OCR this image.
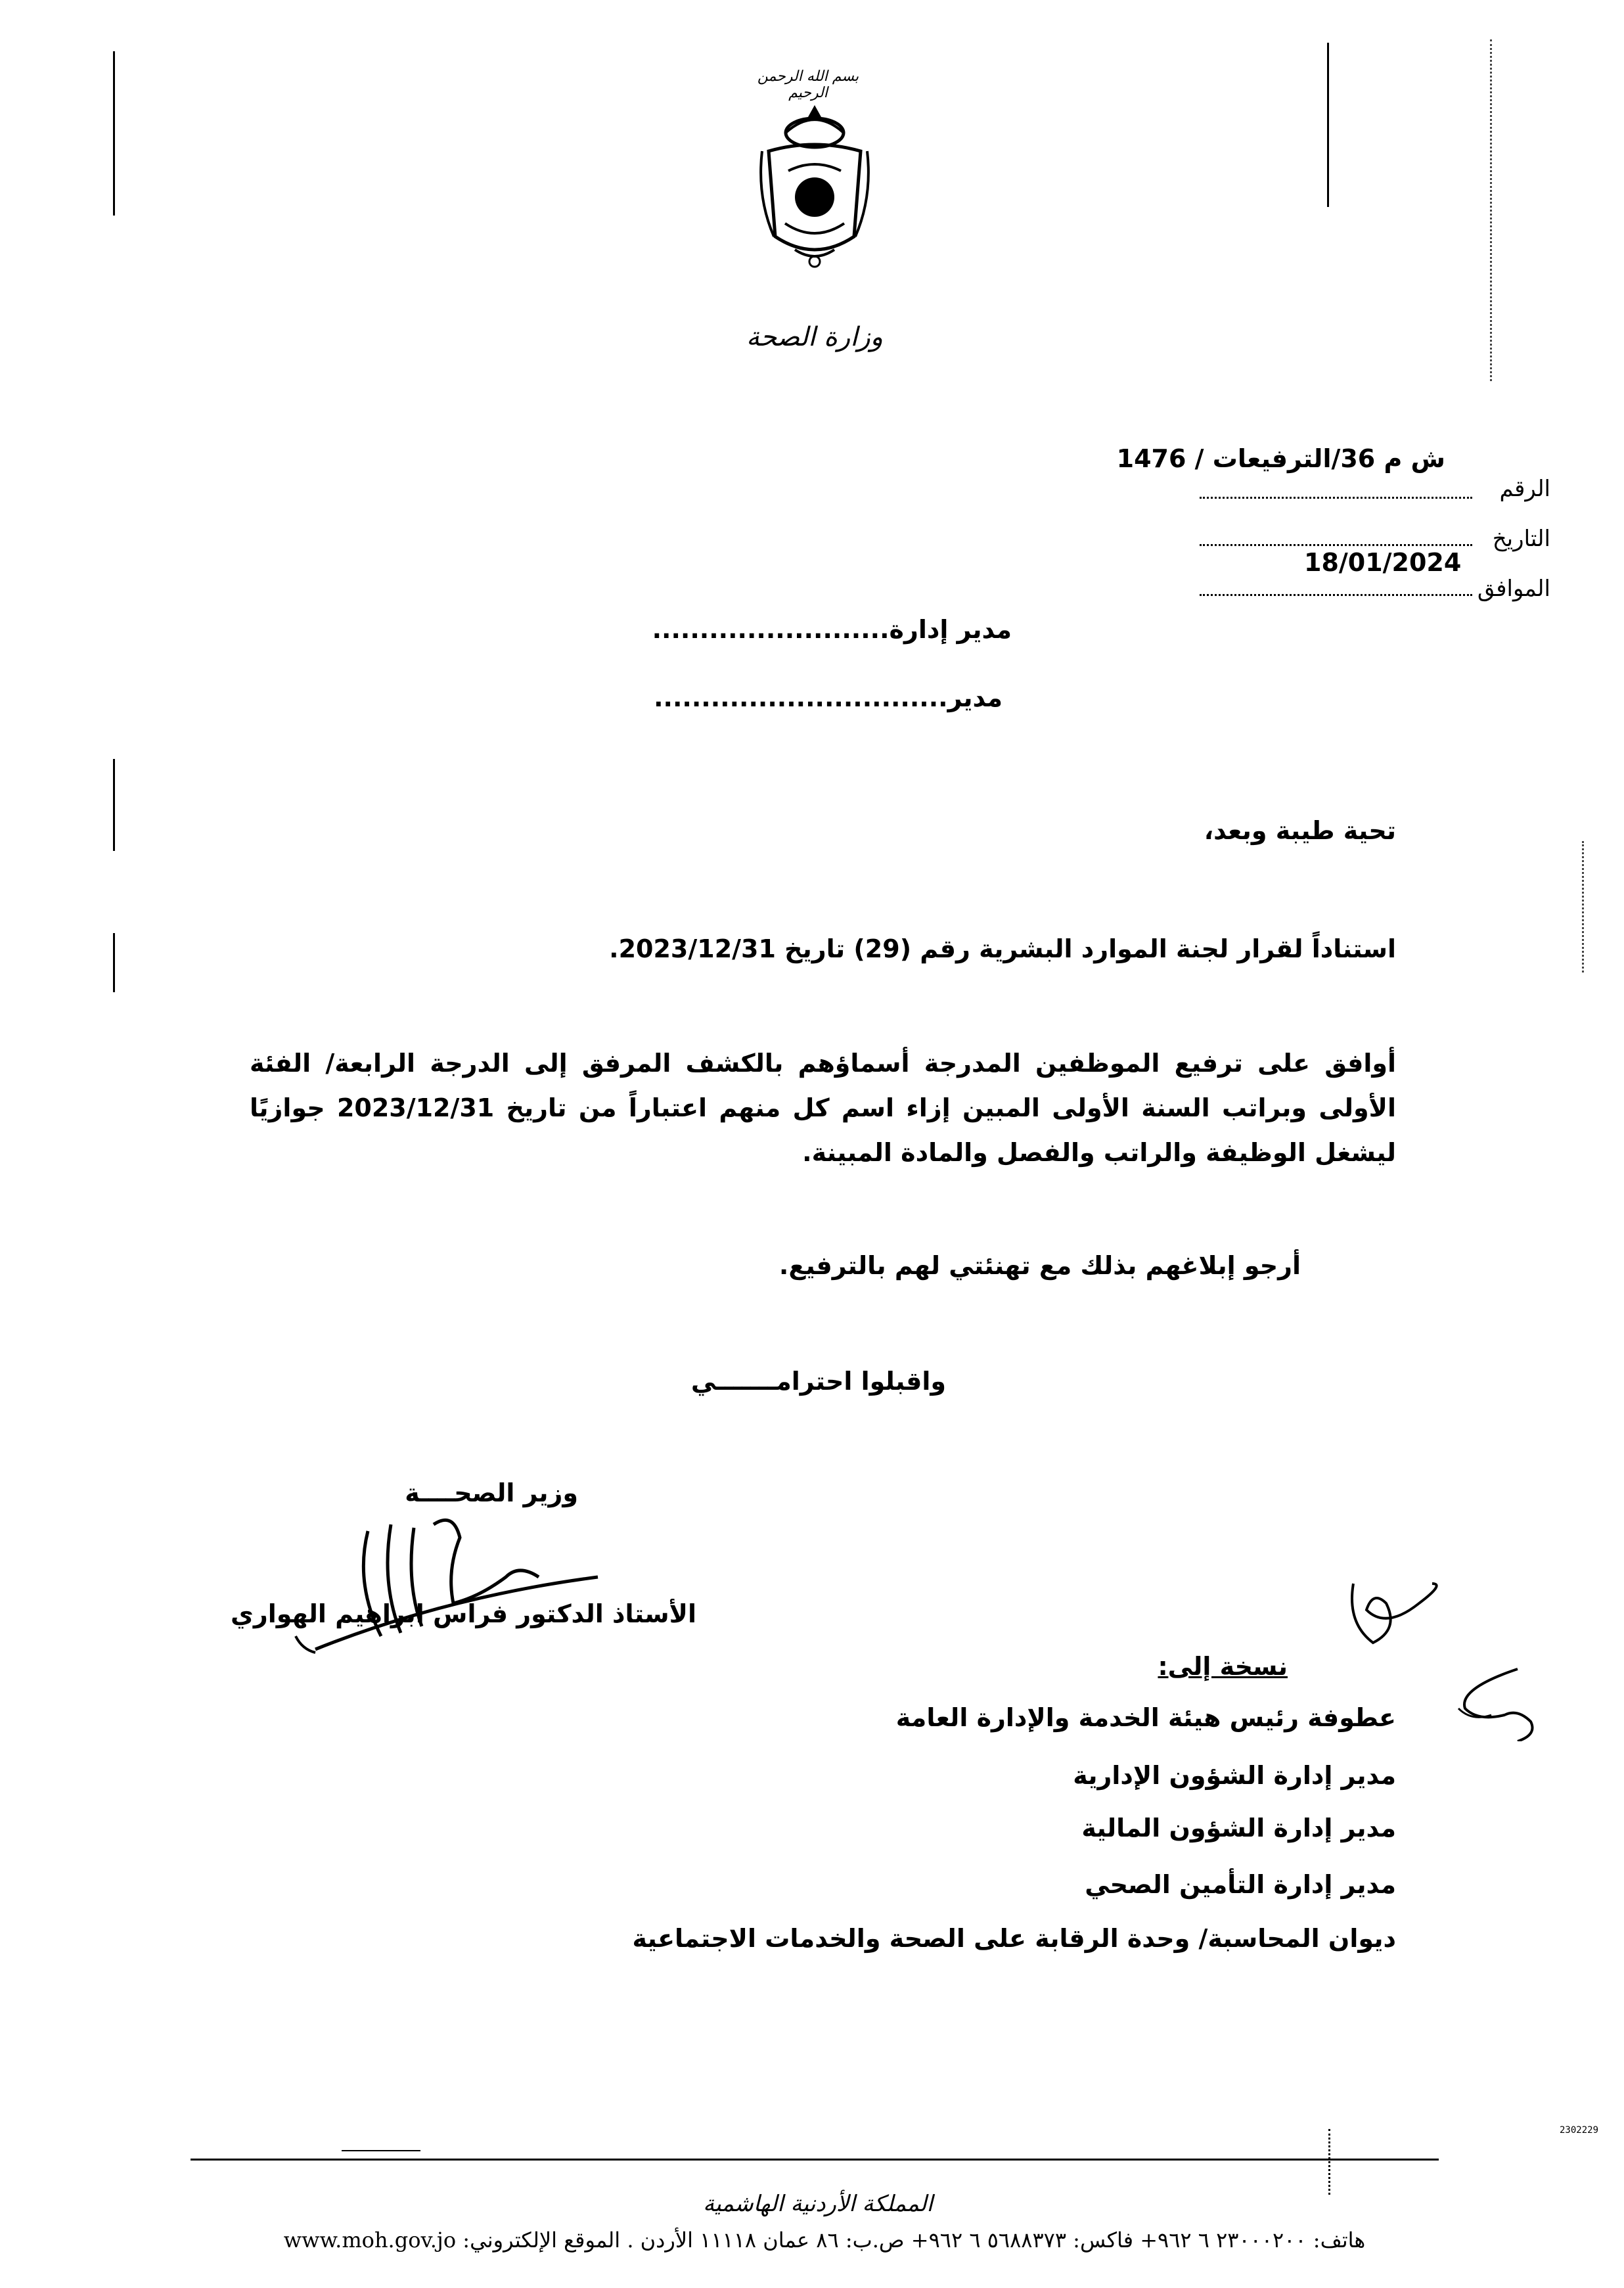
بسم الله الرحمن الرحيم
وزارة الصحة
ش م 36/الترفيعات / 1476
الرقم
التاريخ
18/01/2024
الموافق
مدير إدارة.........................
مدير...............................
تحية طيبة وبعد،
استناداً لقرار لجنة الموارد البشرية رقم (29) تاريخ 2023/12/31.
أوافق على ترفيع الموظفين المدرجة أسماؤهم بالكشف المرفق إلى الدرجة الرابعة/ الفئة الأولى وبراتب السنة الأولى المبين إزاء اسم كل منهم اعتباراً من تاريخ 2023/12/31 جوازيًا ليشغل الوظيفة والراتب والفصل والمادة المبينة.
أرجو إبلاغهم بذلك مع تهنئتي لهم بالترفيع.
واقبلوا احترامـــــــي
وزير الصحــــة
الأستاذ الدكتور فراس ابراهيم الهواري
نسخة إلى:
عطوفة رئيس هيئة الخدمة والإدارة العامة
مدير إدارة الشؤون الإدارية
مدير إدارة الشؤون المالية
مدير إدارة التأمين الصحي
ديوان المحاسبة/ وحدة الرقابة على الصحة والخدمات الاجتماعية
2302229
المملكة الأردنية الهاشمية
هاتف: ٢٣٠٠٠٢٠٠ ٦ ٩٦٢+ فاكس: ٥٦٨٨٣٧٣ ٦ ٩٦٢+ ص.ب: ٨٦ عمان ١١١١٨ الأردن . الموقع الإلكتروني: www.moh.gov.jo
